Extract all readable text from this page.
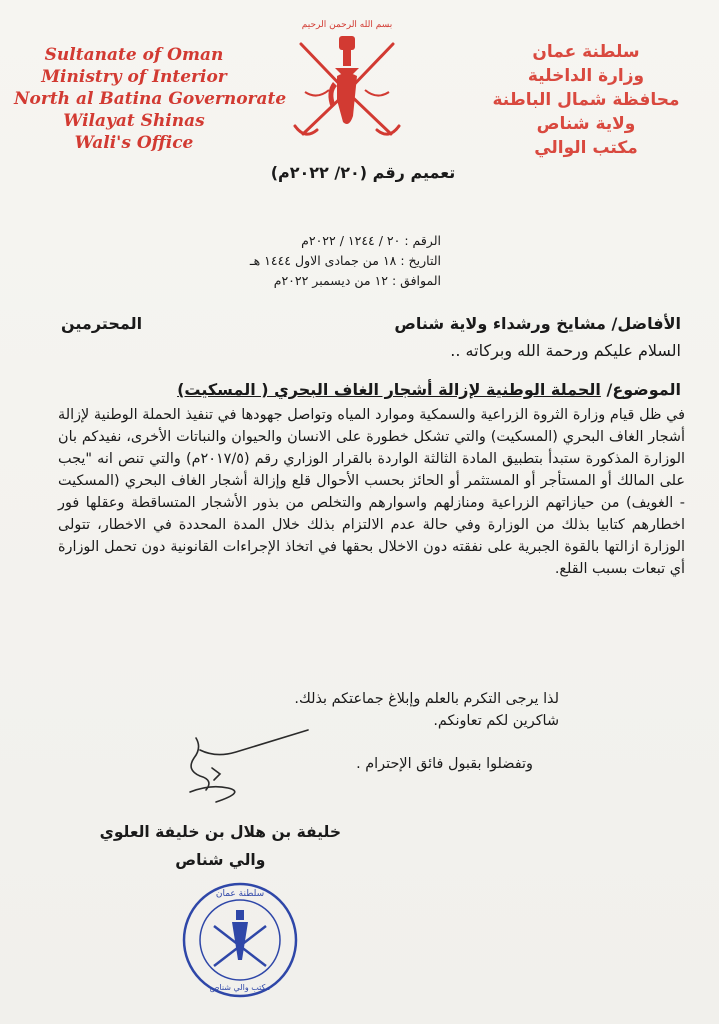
Sultanate of Oman
Ministry of Interior
North al Batina Governorate
Wilayat Shinas
Wali's Office
بسم الله الرحمن الرحيم
سلطنة عمان
وزارة الداخلية
محافظة شمال الباطنة
ولاية شناص
مكتب الوالي
تعميم رقم (٢٠/ ٢٠٢٢م)
الرقم : ٢٠ / ١٢٤٤ / ٢٠٢٢م
التاريخ : ١٨ من جمادى الاول ١٤٤٤ هـ
الموافق : ١٢ من ديسمبر ٢٠٢٢م
الأفاضل/ مشايخ ورشداء ولاية شناص
المحترمين
السلام عليكم ورحمة الله وبركاته ..
الموضوع/ الحملة الوطنية لإزالة أشجار الغاف البحري ( المسكيت)

في ظل قيام وزارة الثروة الزراعية والسمكية وموارد المياه وتواصل جهودها في تنفيذ الحملة الوطنية لإزالة أشجار الغاف البحري (المسكيت) والتي تشكل خطورة على الانسان والحيوان والنباتات الأخرى، نفيدكم بان الوزارة المذكورة ستبدأ بتطبيق المادة الثالثة الواردة بالقرار الوزاري رقم (٢٠١٧/٥م) والتي تنص انه "يجب على المالك أو المستأجر أو المستثمر أو الحائز بحسب الأحوال قلع وإزالة أشجار الغاف البحري (المسكيت - الغويف) من حيازاتهم الزراعية ومنازلهم واسوارهم والتخلص من بذور الأشجار المتساقطة وعقلها فور اخطارهم كتابيا بذلك من الوزارة وفي حالة عدم الالتزام بذلك خلال المدة المحددة في الاخطار، تتولى الوزارة ازالتها بالقوة الجبرية على نفقته دون الاخلال بحقها في اتخاذ الإجراءات القانونية دون تحمل الوزارة أي تبعات بسبب القلع.

لذا يرجى التكرم بالعلم وإبلاغ جماعتكم بذلك.
شاكرين لكم تعاونكم.
وتفضلوا بقبول فائق الإحترام .
خليفة بن هلال بن خليفة العلوي
والي شناص
سلطنة عمان
مكتب والي شناص
